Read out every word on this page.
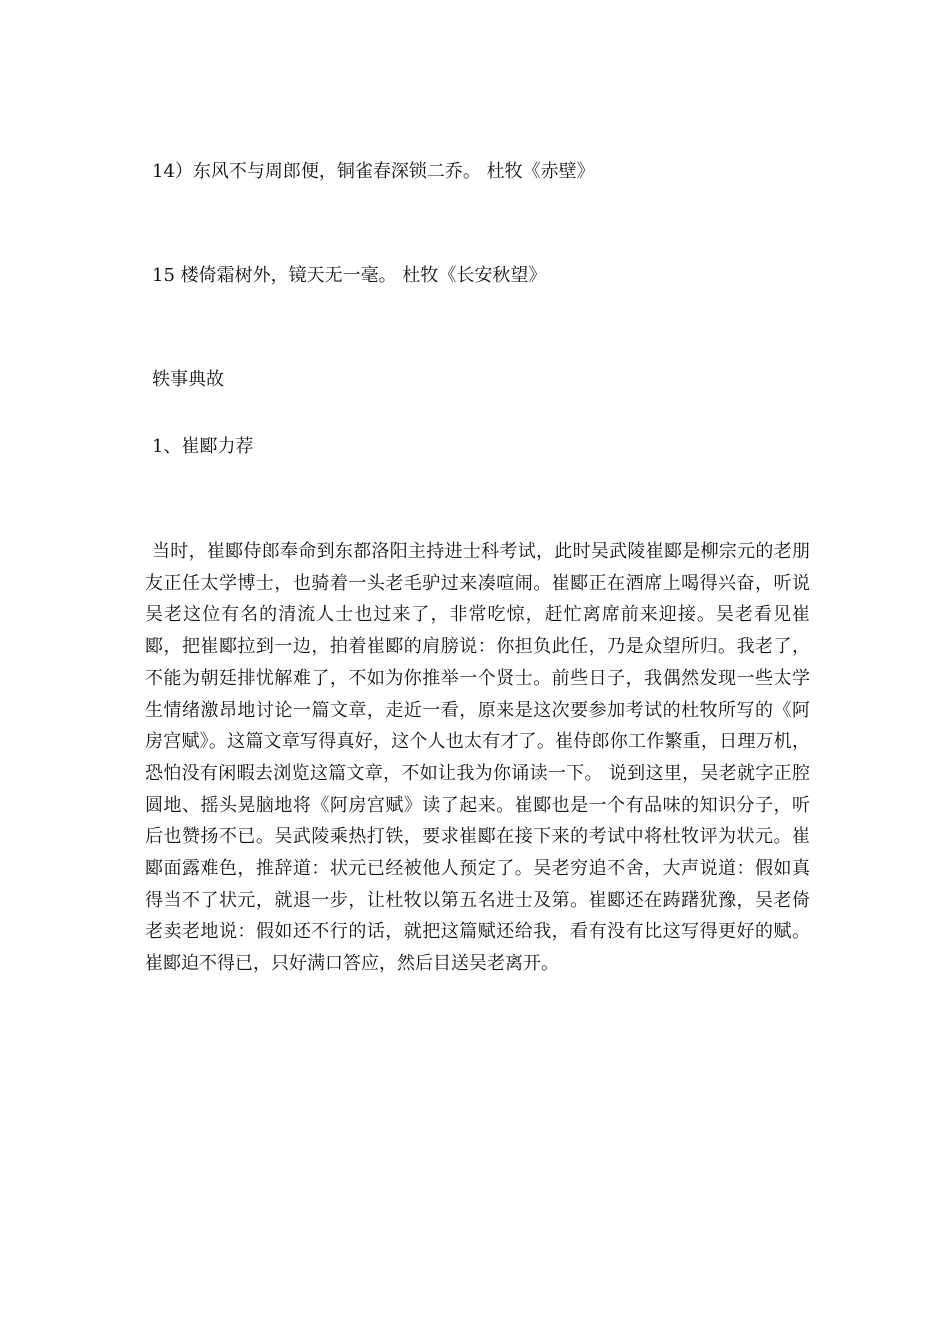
14）东风不与周郎便，铜雀春深锁二乔。 杜牧《赤壁》
15 楼倚霜树外，镜天无一毫。 杜牧《长安秋望》
轶事典故
1、崔郾力荐
当时，崔郾侍郎奉命到东都洛阳主持进士科考试，此时吴武陵崔郾是柳宗元的老朋友正任太学博士，也骑着一头老毛驴过来凑喧闹。崔郾正在酒席上喝得兴奋，听说吴老这位有名的清流人士也过来了，非常吃惊，赶忙离席前来迎接。吴老看见崔郾，把崔郾拉到一边，拍着崔郾的肩膀说：你担负此任，乃是众望所归。我老了，不能为朝廷排忧解难了，不如为你推举一个贤士。前些日子，我偶然发现一些太学生情绪激昂地讨论一篇文章，走近一看，原来是这次要参加考试的杜牧所写的《阿房宫赋》。这篇文章写得真好，这个人也太有才了。崔侍郎你工作繁重，日理万机，恐怕没有闲暇去浏览这篇文章，不如让我为你诵读一下。 说到这里，吴老就字正腔圆地、摇头晃脑地将《阿房宫赋》读了起来。崔郾也是一个有品味的知识分子，听后也赞扬不已。吴武陵乘热打铁，要求崔郾在接下来的考试中将杜牧评为状元。崔郾面露难色，推辞道：状元已经被他人预定了。吴老穷追不舍，大声说道：假如真得当不了状元，就退一步，让杜牧以第五名进士及第。崔郾还在踌躇犹豫，吴老倚老卖老地说：假如还不行的话，就把这篇赋还给我，看有没有比这写得更好的赋。崔郾迫不得已，只好满口答应，然后目送吴老离开。
